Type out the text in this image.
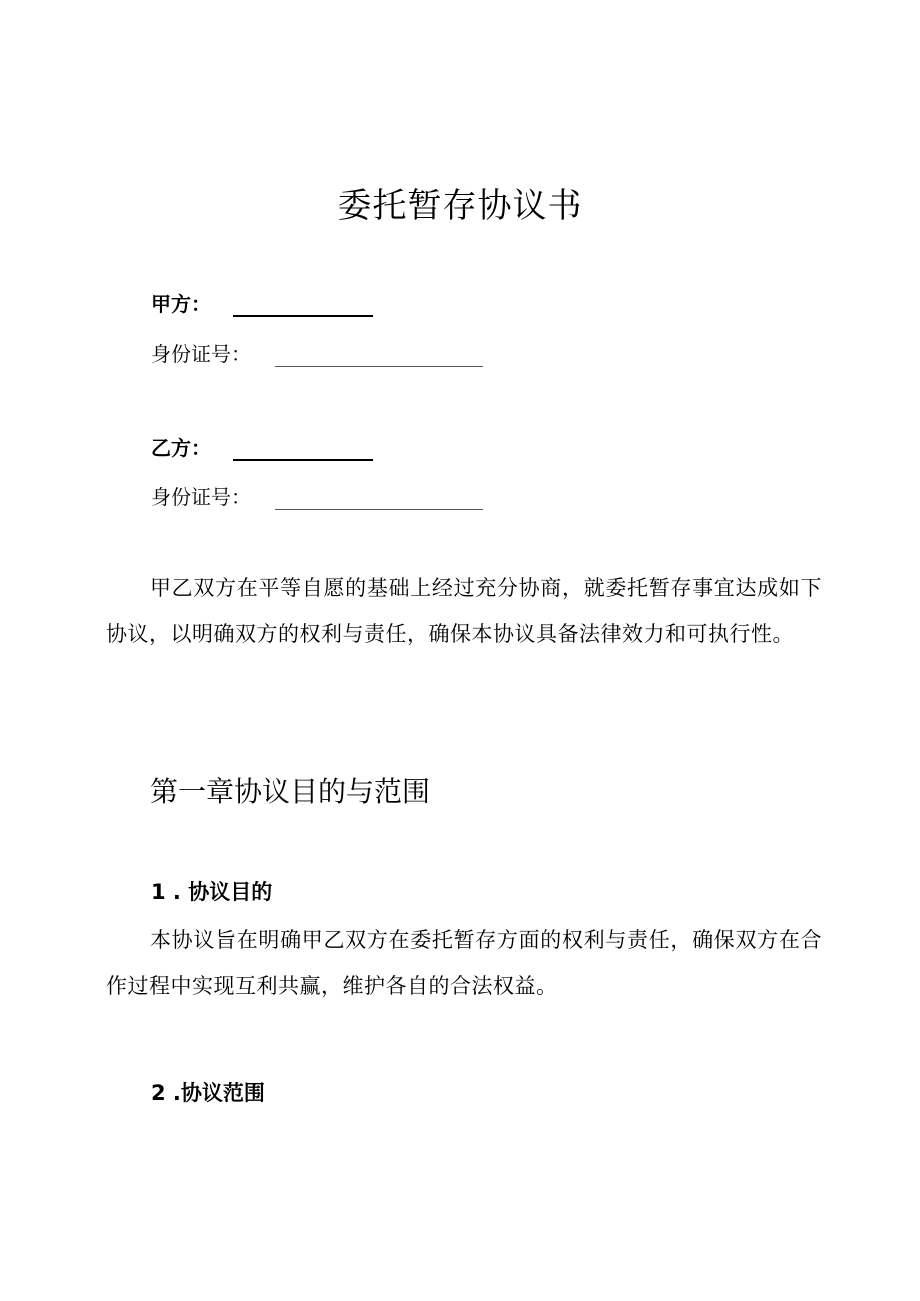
委托暂存协议书
甲方：
身份证号：
乙方：
身份证号：
甲乙双方在平等自愿的基础上经过充分协商，就委托暂存事宜达成如下协议，以明确双方的权利与责任，确保本协议具备法律效力和可执行性。
第一章协议目的与范围
1 . 协议目的
本协议旨在明确甲乙双方在委托暂存方面的权利与责任，确保双方在合作过程中实现互利共赢，维护各自的合法权益。
2 .协议范围
